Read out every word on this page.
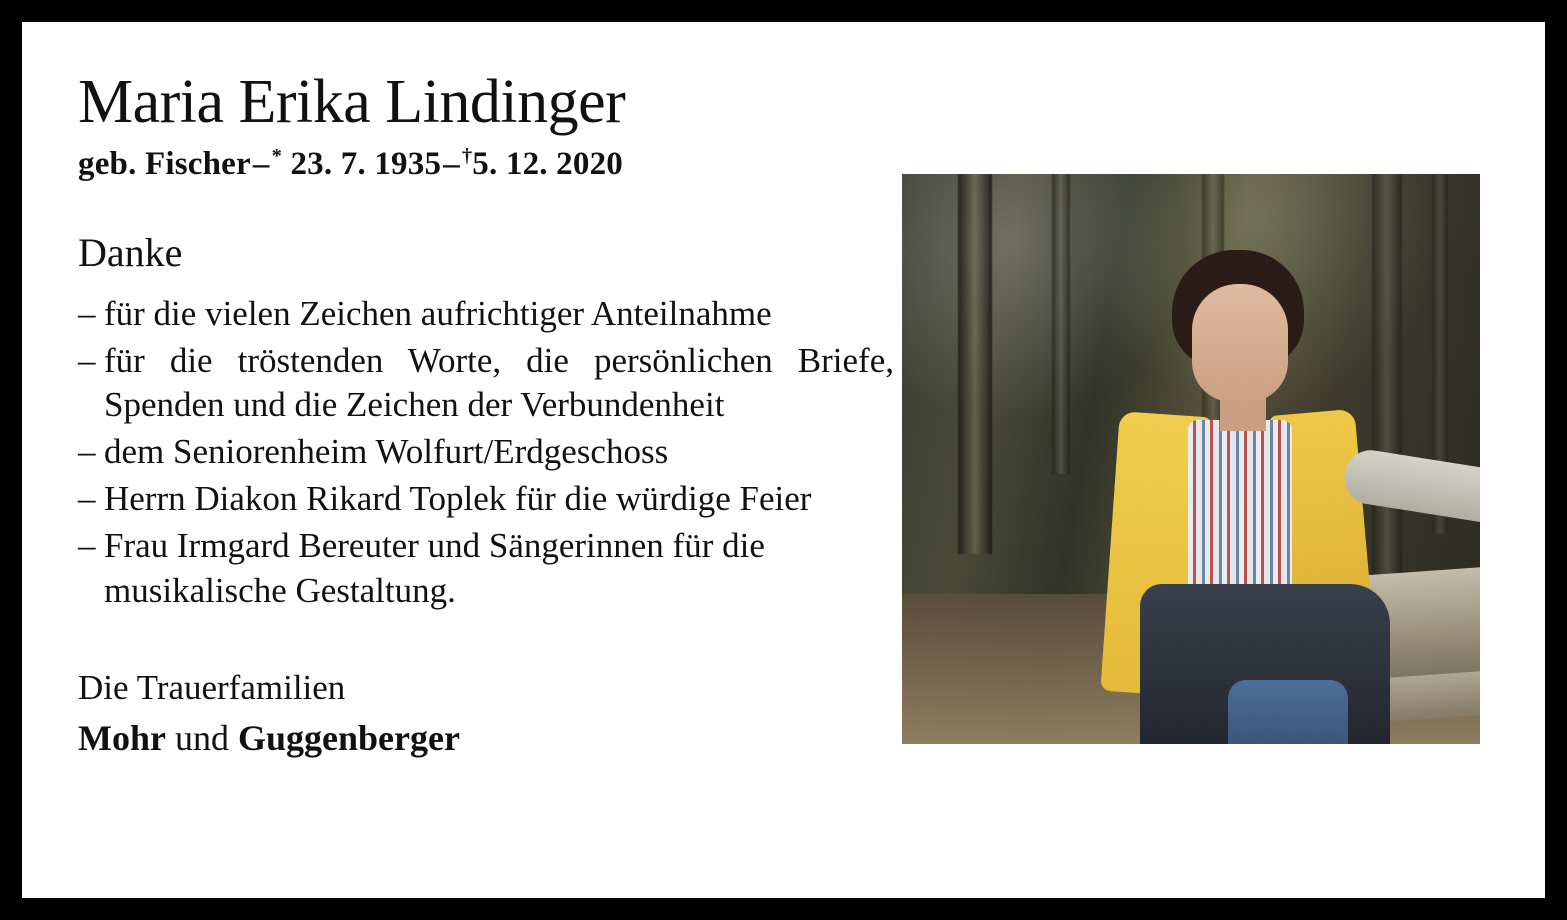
Maria Erika Lindinger
geb. Fischer–* 23. 7. 1935–†5. 12. 2020
Danke
– für die vielen Zeichen aufrichtiger Anteilnahme
– für die tröstenden Worte, die persönlichen Briefe, Spenden und die Zeichen der Verbundenheit
– dem Seniorenheim Wolfurt/Erdgeschoss
– Herrn Diakon Rikard Toplek für die würdige Feier
– Frau Irmgard Bereuter und Sängerinnen für die musikalische Gestaltung.
Die Trauerfamilien
Mohr und Guggenberger
